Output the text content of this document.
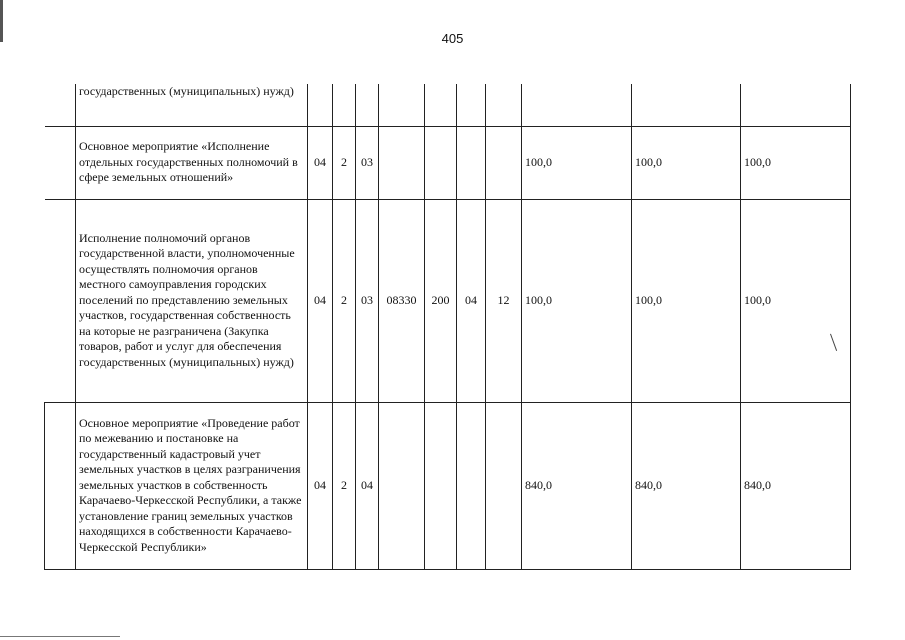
405
	государственных (муниципальных) нужд)										
	Основное мероприятие «Исполнение отдельных государственных полномочий в сфере земельных отношений»	04	2	03					100,0	100,0	100,0
	Исполнение полномочий органов государственной власти, уполномоченные осуществлять полномочия органов местного самоуправления городских поселений по представлению земельных участков, государственная собственность на которые не разграничена (Закупка товаров, работ и услуг для обеспечения государственных (муниципальных) нужд)	04	2	03	08330	200	04	12	100,0	100,0	100,0
	Основное мероприятие «Проведение работ по межеванию и постановке на государственный кадастровый учет земельных участков в целях разграничения земельных участков в собственность Карачаево-Черкесской Республики, а также установление границ земельных участков находящихся в собственности Карачаево-Черкесской Республики»	04	2	04					840,0	840,0	840,0
